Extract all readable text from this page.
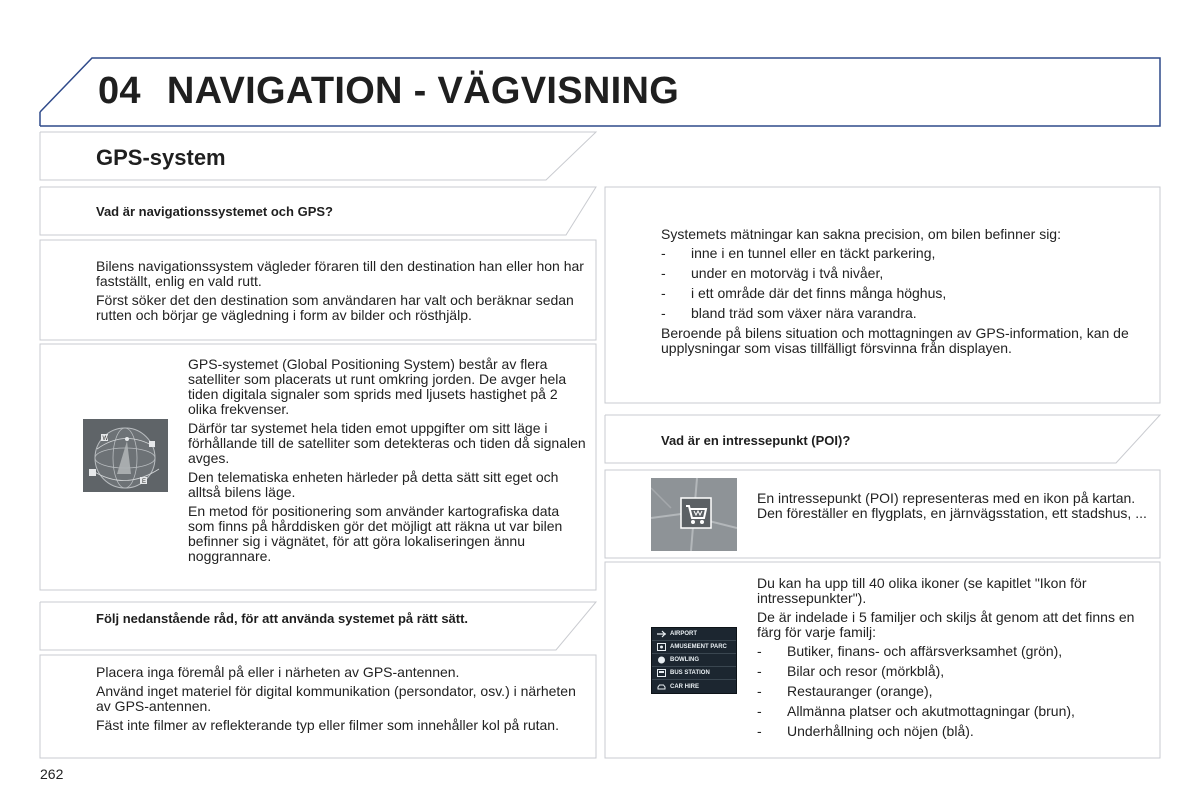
04 NAVIGATION - VÄGVISNING
GPS-system
Vad är navigationssystemet och GPS?

Bilens navigationssystem vägleder föraren till den destination han eller hon har fastställt, enlig en vald rutt.

Först söker det den destination som användaren har valt och beräknar sedan rutten och börjar ge vägledning i form av bilder och rösthjälp.

W
E

GPS-systemet (Global Positioning System) består av flera satelliter som placerats ut runt omkring jorden. De avger hela tiden digitala signaler som sprids med ljusets hastighet på 2 olika frekvenser.

Därför tar systemet hela tiden emot uppgifter om sitt läge i förhållande till de satelliter som detekteras och tiden då signalen avges.

Den telematiska enheten härleder på detta sätt sitt eget och alltså bilens läge.

En metod för positionering som använder kartografiska data som finns på hårddisken gör det möjligt att räkna ut var bilen befinner sig i vägnätet, för att göra lokaliseringen ännu noggrannare.

Följ nedanstående råd, för att använda systemet på rätt sätt.

Placera inga föremål på eller i närheten av GPS-antennen.

Använd inget materiel för digital kommunikation (persondator, osv.) i närheten av GPS-antennen.

Fäst inte filmer av reflekterande typ eller filmer som innehåller kol på rutan.

Systemets mätningar kan sakna precision, om bilen befinner sig:

- inne i en tunnel eller en täckt parkering,
- under en motorväg i två nivåer,
- i ett område där det finns många höghus,
- bland träd som växer nära varandra.

Beroende på bilens situation och mottagningen av GPS-information, kan de upplysningar som visas tillfälligt försvinna från displayen.

Vad är en intressepunkt (POI)?
En intressepunkt (POI) representeras med en ikon på kartan. Den föreställer en flygplats, en järnvägsstation, ett stadshus, ...
AIRPORT
AMUSEMENT PARC
BOWLING
BUS STATION
CAR HIRE

Du kan ha upp till 40 olika ikoner (se kapitlet "Ikon för intressepunkter").

De är indelade i 5 familjer och skiljs åt genom att det finns en färg för varje familj:

- Butiker, finans- och affärsverksamhet (grön),
- Bilar och resor (mörkblå),
- Restauranger (orange),
- Allmänna platser och akutmottagningar (brun),
- Underhållning och nöjen (blå).
262
